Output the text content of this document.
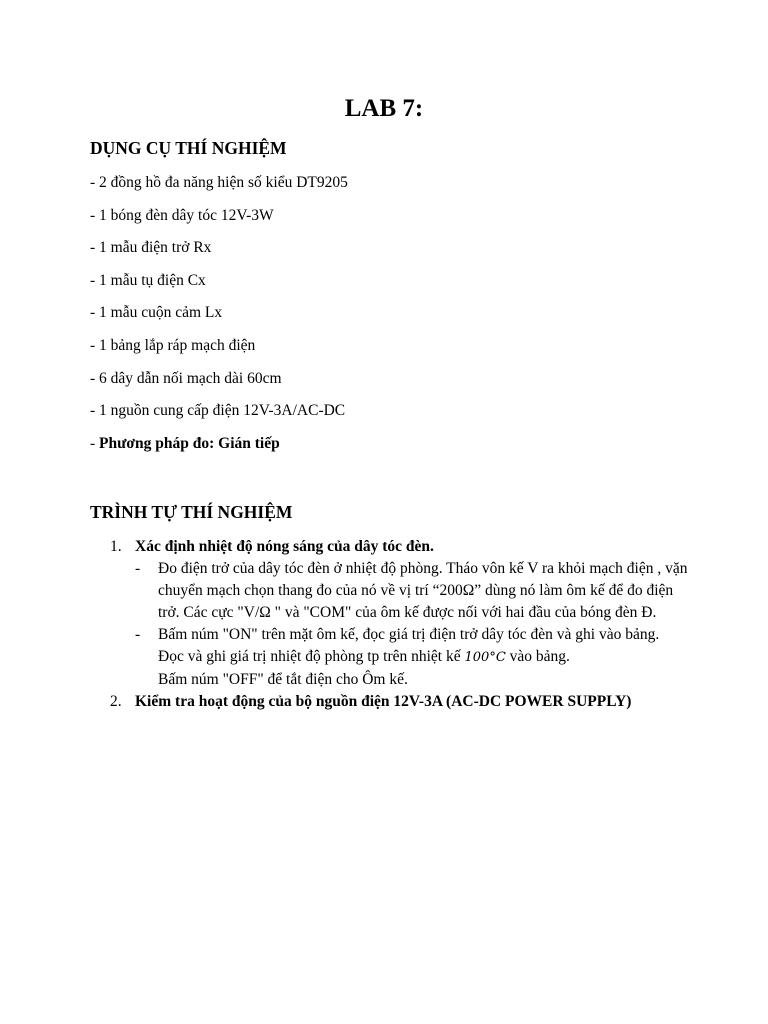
LAB 7:
DỤNG CỤ THÍ NGHIỆM
- 2 đồng hồ đa năng hiện số kiểu DT9205
- 1 bóng đèn dây tóc 12V-3W
- 1 mẫu điện trở Rx
- 1 mẫu tụ điện Cx
- 1 mẫu cuộn cảm Lx
- 1 bảng lắp ráp mạch điện
- 6 dây dẫn nối mạch dài 60cm
- 1 nguồn cung cấp điện 12V-3A/AC-DC
- Phương pháp đo: Gián tiếp
TRÌNH TỰ THÍ NGHIỆM
1. Xác định nhiệt độ nóng sáng của dây tóc đèn.
- Đo điện trở của dây tóc đèn ở nhiệt độ phòng. Tháo vôn kế V ra khỏi mạch điện , vặn chuyển mạch chọn thang đo của nó về vị trí “200Ω” dùng nó làm ôm kế để đo điện trở. Các cực "V/Ω " và "COM" của ôm kế được nối với hai đầu của bóng đèn Đ.
- Bấm núm "ON" trên mặt ôm kế, đọc giá trị điện trở dây tóc đèn và ghi vào bảng.
Đọc và ghi giá trị nhiệt độ phòng tp trên nhiệt kế 100°C vào bảng.
Bấm núm "OFF" để tắt điện cho Ôm kế.
2. Kiểm tra hoạt động của bộ nguồn điện 12V-3A (AC-DC POWER SUPPLY)
